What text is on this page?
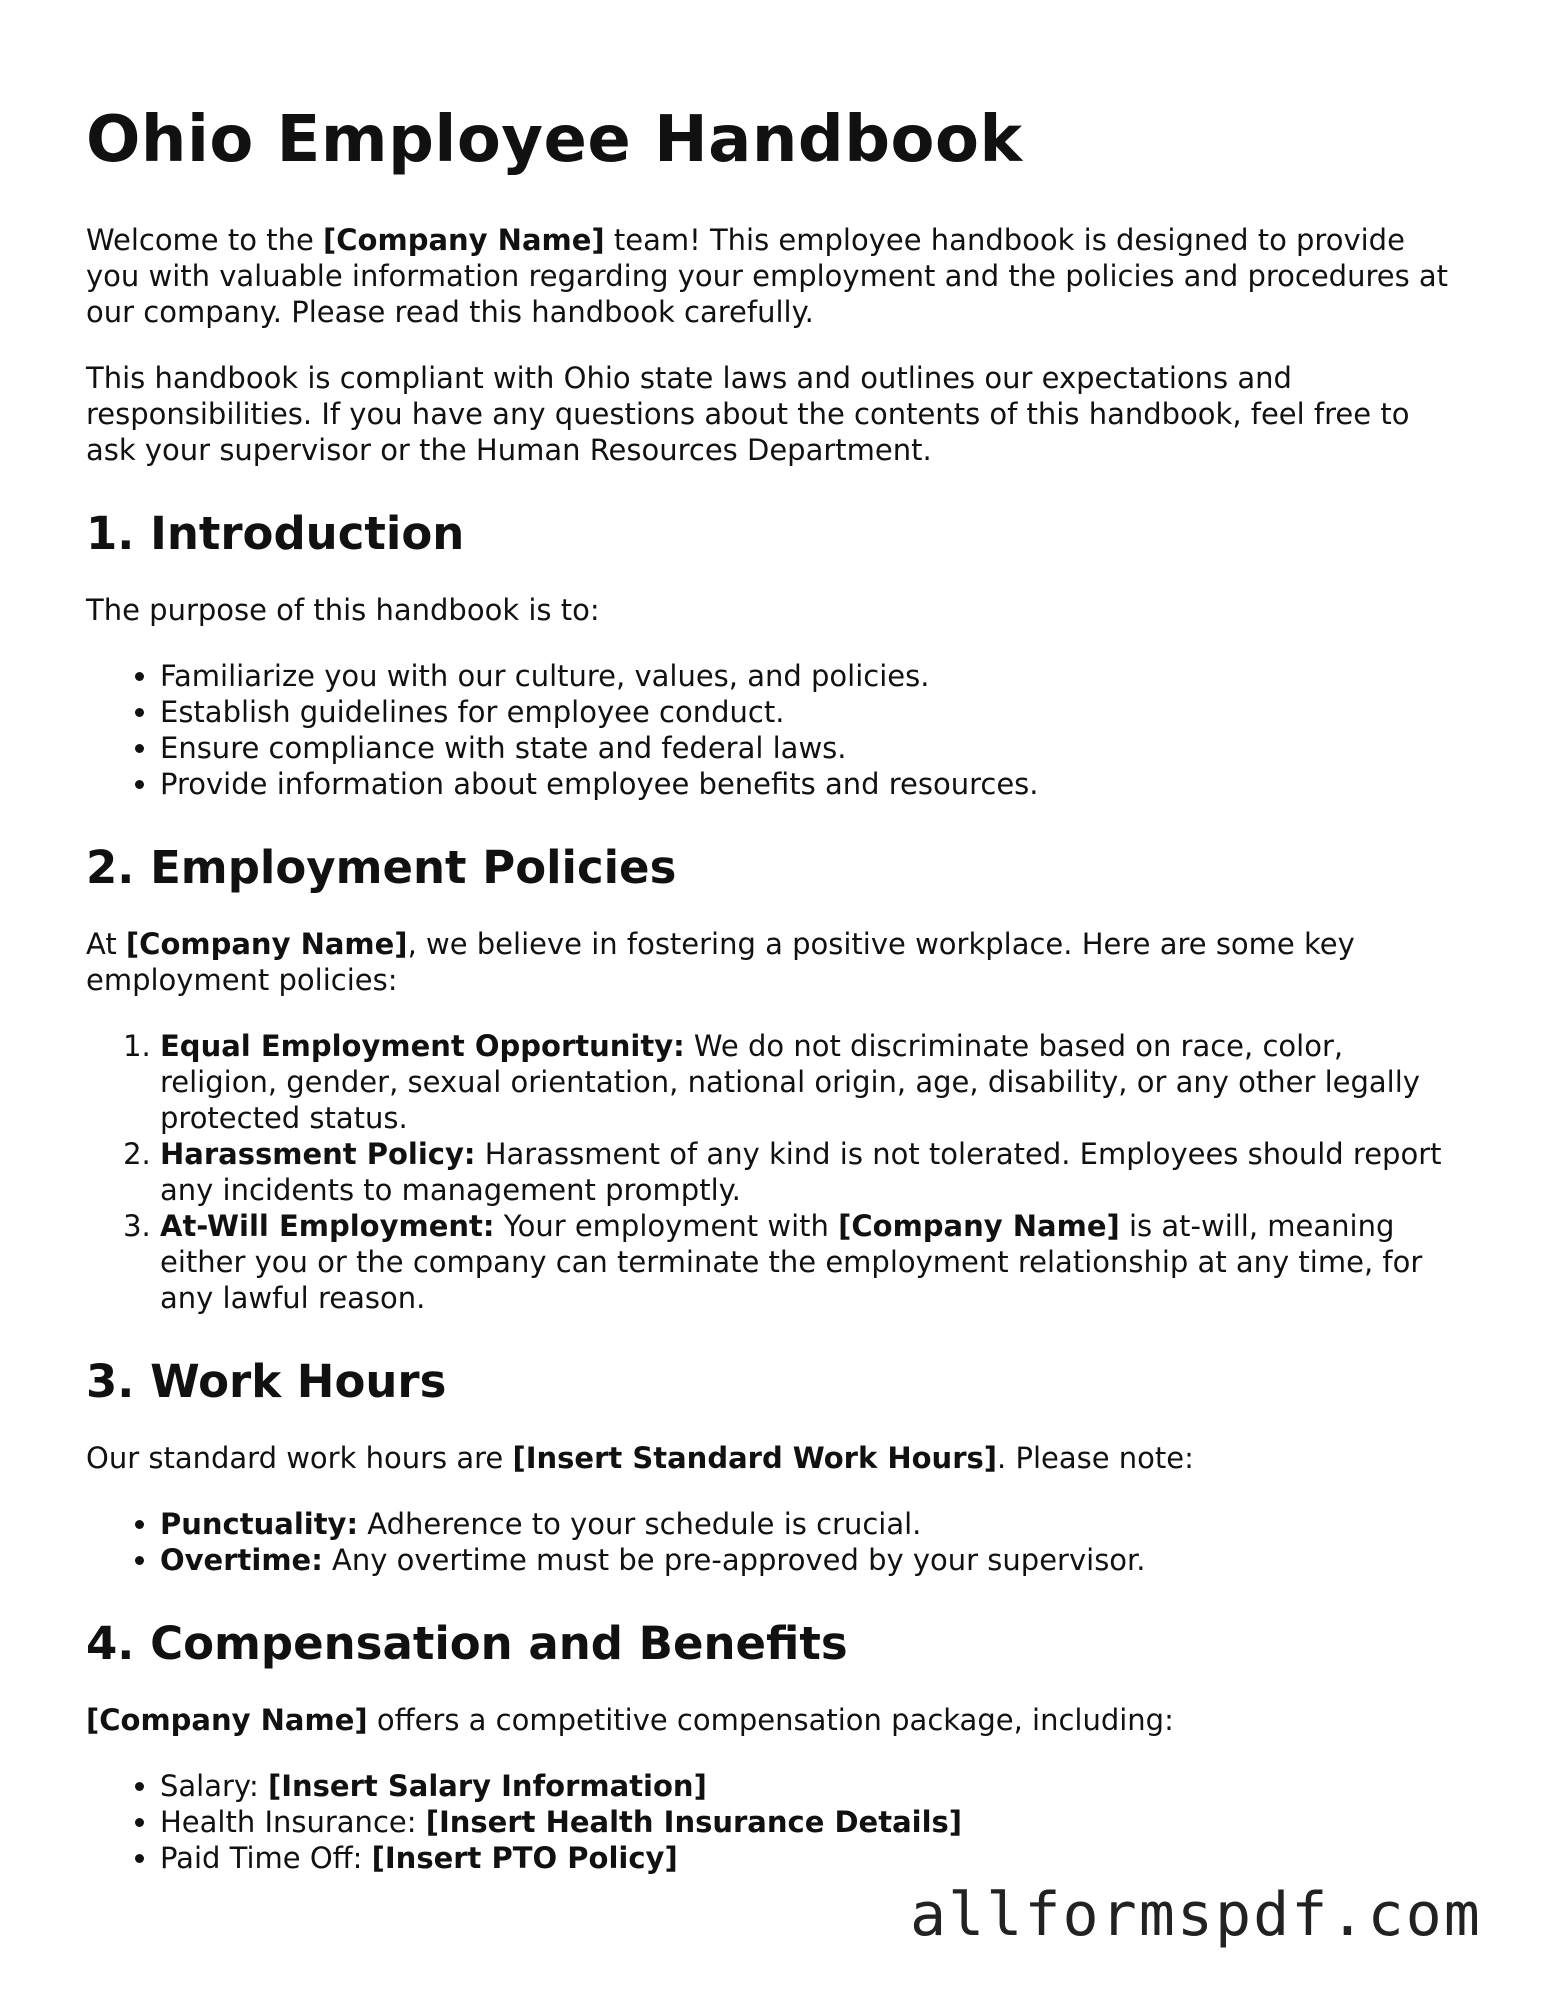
Ohio Employee Handbook

Welcome to the [Company Name] team! This employee handbook is designed to provide you with valuable information regarding your employment and the policies and procedures at our company. Please read this handbook carefully.

This handbook is compliant with Ohio state laws and outlines our expectations and responsibilities. If you have any questions about the contents of this handbook, feel free to ask your supervisor or the Human Resources Department.

1. Introduction

The purpose of this handbook is to:

• Familiarize you with our culture, values, and policies.
• Establish guidelines for employee conduct.
• Ensure compliance with state and federal laws.
• Provide information about employee benefits and resources.
2. Employment Policies

At [Company Name], we believe in fostering a positive workplace. Here are some key employment policies:

1. Equal Employment Opportunity: We do not discriminate based on race, color, religion, gender, sexual orientation, national origin, age, disability, or any other legally protected status.
2. Harassment Policy: Harassment of any kind is not tolerated. Employees should report any incidents to management promptly.
3. At-Will Employment: Your employment with [Company Name] is at-will, meaning either you or the company can terminate the employment relationship at any time, for any lawful reason.
3. Work Hours

Our standard work hours are [Insert Standard Work Hours]. Please note:

• Punctuality: Adherence to your schedule is crucial.
• Overtime: Any overtime must be pre-approved by your supervisor.
4. Compensation and Benefits

[Company Name] offers a competitive compensation package, including:

• Salary: [Insert Salary Information]
• Health Insurance: [Insert Health Insurance Details]
• Paid Time Off: [Insert PTO Policy]
allformspdf.com
